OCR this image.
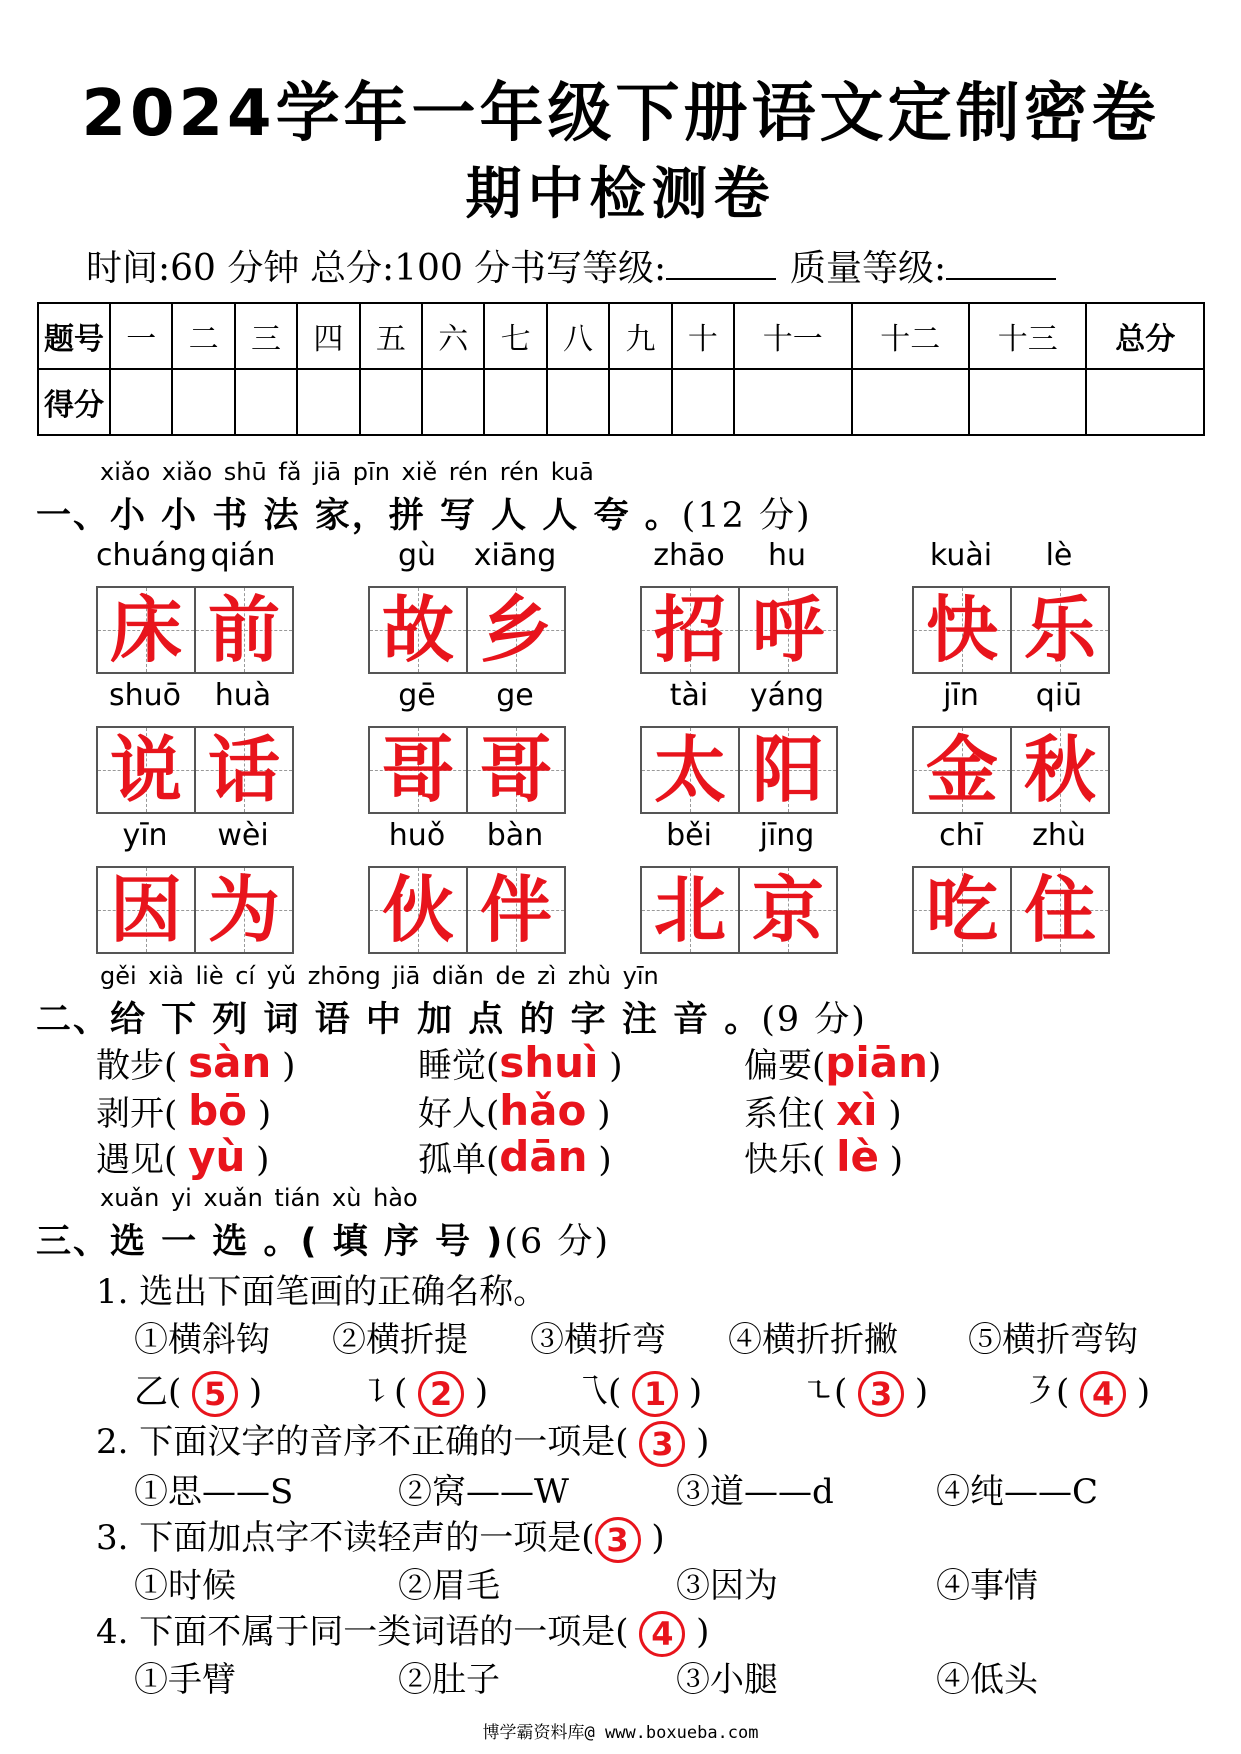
2024学年一年级下册语文定制密卷
期中检测卷
时间:60 分钟 总分:100 分 书写等级:	质量等级:
题号	一	二	三	四	五	六	七	八	九	十	十一	十二	十三	总分
得分														
xiǎo xiǎo shū fǎ jiā pīn xiě rén rén kuā
一、小 小 书 法 家，拼 写 人 人 夸 。(12 分)
chuáng qián
床 前
gù	xiāng
故 乡
zhāo	hu
招 呼
kuài	lè
快 乐
shuō	huà
说 话
gē	ge
哥 哥
tài	yáng
太 阳
jīn	qiū
金 秋
yīn	wèi
因 为
huǒ	bàn
伙 伴
běi	jīng
北 京
chī	zhù
吃 住
gěi xià liè cí yǔ zhōng jiā diǎn de zì zhù yīn
二、给 下 列 词 语 中 加 点 的 字 注 音 。(9 分)
散步( sàn )	睡觉(shuì )	偏要(piān)
剥开( bō )	好人(hǎo )	系住( xì )
遇见( yù )	孤单(dān )	快乐( lè )
xuǎn yi xuǎn tián xù hào
三、选 一 选 。( 填 序 号 )(6 分)
1. 选出下面笔画的正确名称。
①横斜钩 ②横折提 ③横折弯 ④横折折撇 ⑤横折弯钩
乙( 5 )	㇊( 2 )	乁( 1 )	㇍( 3 )	㇋( 4 )
2. 下面汉字的音序不正确的一项是( 3 )
①思——S	②窝——W	③道——d	④纯——C
3. 下面加点字不读轻声的一项是( 3 )
①时候	②眉毛	③因为	④事情
4. 下面不属于同一类词语的一项是( 4 )
①手臂	②肚子	③小腿	④低头
博学霸资料库@ www.boxueba.com
